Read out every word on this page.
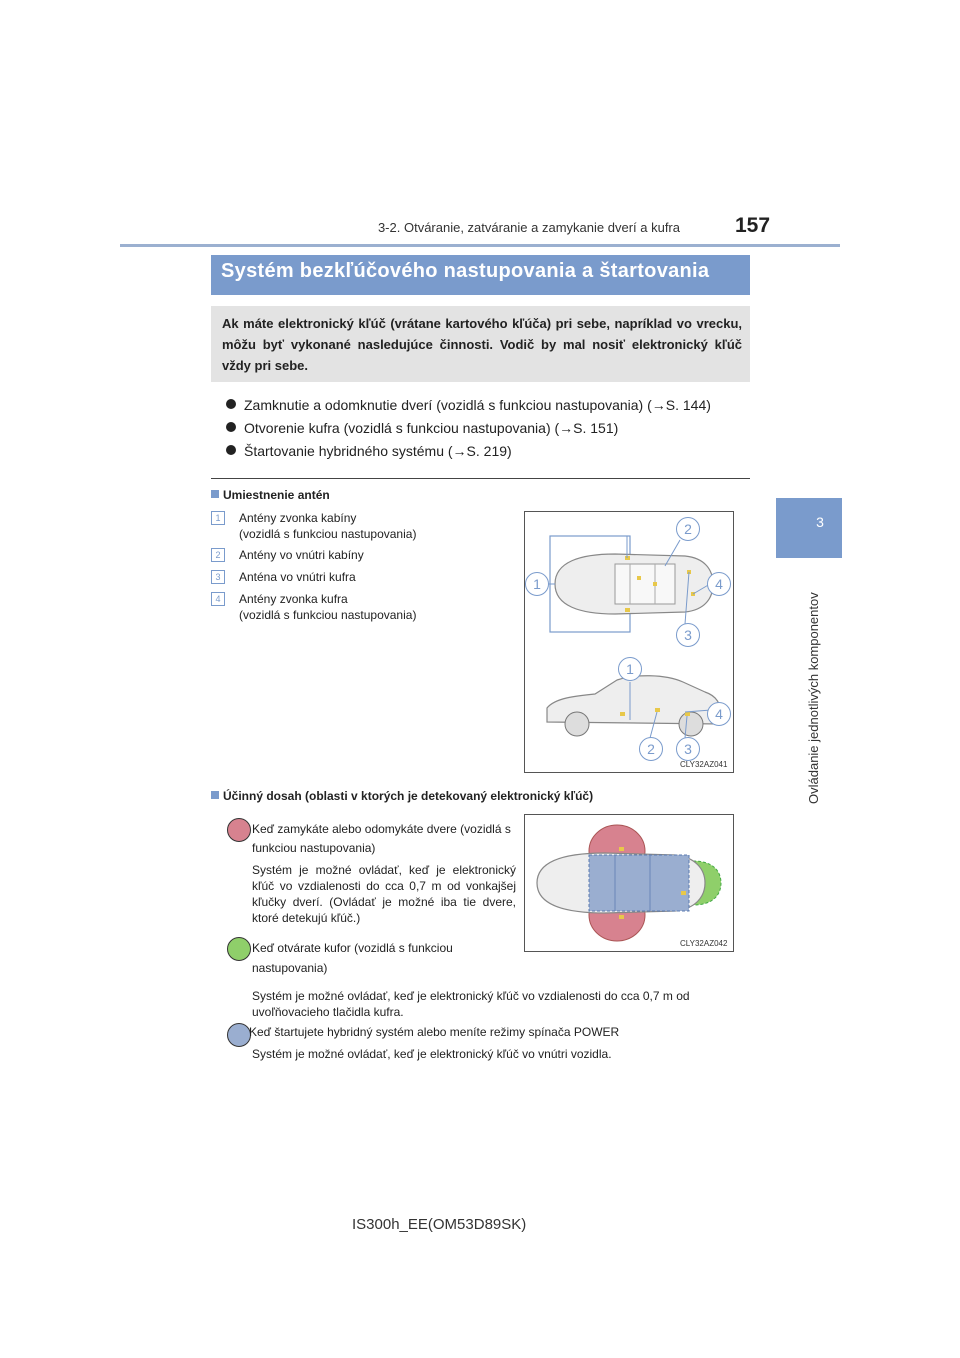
3-2. Otváranie, zatváranie a zamykanie dverí a kufra	157
3
Ovládanie jednotlivých komponentov
Systém bezkľúčového nastupovania a štartovania
Ak máte elektronický kľúč (vrátane kartového kľúča) pri sebe, napríklad vo vrecku, môžu byť vykonané nasledujúce činnosti. Vodič by mal nosiť elektronický kľúč vždy pri sebe.
Zamknutie a odomknutie dverí (vozidlá s funkciou nastupovania) (→S. 144)
Otvorenie kufra (vozidlá s funkciou nastupovania) (→S. 151)
Štartovanie hybridného systému (→S. 219)
Umiestnenie antén
1	Antény zvonka kabíny
(vozidlá s funkciou nastupovania)
2	Antény vo vnútri kabíny
3	Anténa vo vnútri kufra
4	Antény zvonka kufra
(vozidlá s funkciou nastupovania)
2
1	4
3
1
4
2	3
CLY32AZ041
Účinný dosah (oblasti v ktorých je detekovaný elektronický kľúč)
Keď zamykáte alebo odomykáte dvere (vozidlá s funkciou nastupovania)
Systém je možné ovládať, keď je elektronický kľúč vo vzdialenosti do cca 0,7 m od vonkajšej kľučky dverí. (Ovládať je možné iba tie dvere, ktoré detekujú kľúč.)
Keď otvárate kufor (vozidlá s funkciou nastupovania)
Systém je možné ovládať, keď je elektronický kľúč vo vzdialenosti do cca 0,7 m od uvoľňovacieho tlačidla kufra.
Keď štartujete hybridný systém alebo meníte režimy spínača POWER
Systém je možné ovládať, keď je elektronický kľúč vo vnútri vozidla.
CLY32AZ042
IS300h_EE(OM53D89SK)
